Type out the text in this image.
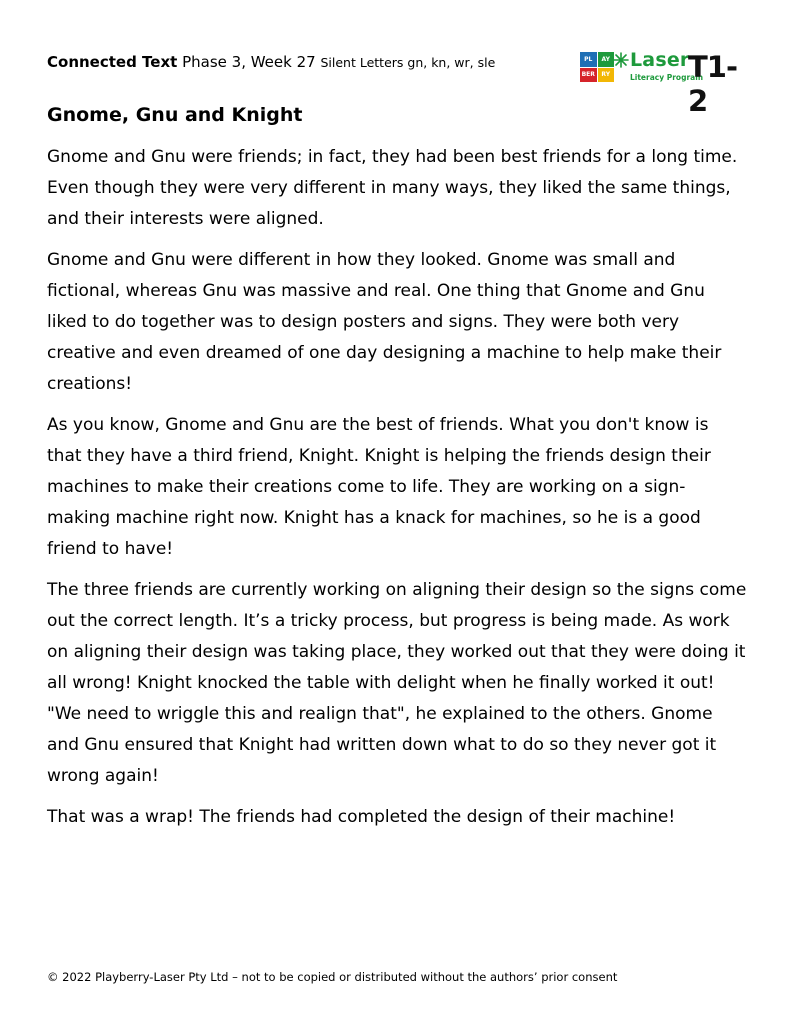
Connected Text Phase 3, Week 27 Silent Letters gn, kn, wr, sle	PL	AY
BER	RY
Laser
Literacy Program
T1-2
Gnome, Gnu and Knight

Gnome and Gnu were friends; in fact, they had been best friends for a long time. Even though they were very different in many ways, they liked the same things, and their interests were aligned.

Gnome and Gnu were different in how they looked. Gnome was small and fictional, whereas Gnu was massive and real. One thing that Gnome and Gnu liked to do together was to design posters and signs. They were both very creative and even dreamed of one day designing a machine to help make their creations!

As you know, Gnome and Gnu are the best of friends. What you don't know is that they have a third friend, Knight. Knight is helping the friends design their machines to make their creations come to life. They are working on a sign-making machine right now. Knight has a knack for machines, so he is a good friend to have!

The three friends are currently working on aligning their design so the signs come out the correct length. It’s a tricky process, but progress is being made. As work on aligning their design was taking place, they worked out that they were doing it all wrong! Knight knocked the table with delight when he finally worked it out!

"We need to wriggle this and realign that", he explained to the others. Gnome and Gnu ensured that Knight had written down what to do so they never got it wrong again!

That was a wrap! The friends had completed the design of their machine!

© 2022 Playberry-Laser Pty Ltd – not to be copied or distributed without the authors’ prior consent
